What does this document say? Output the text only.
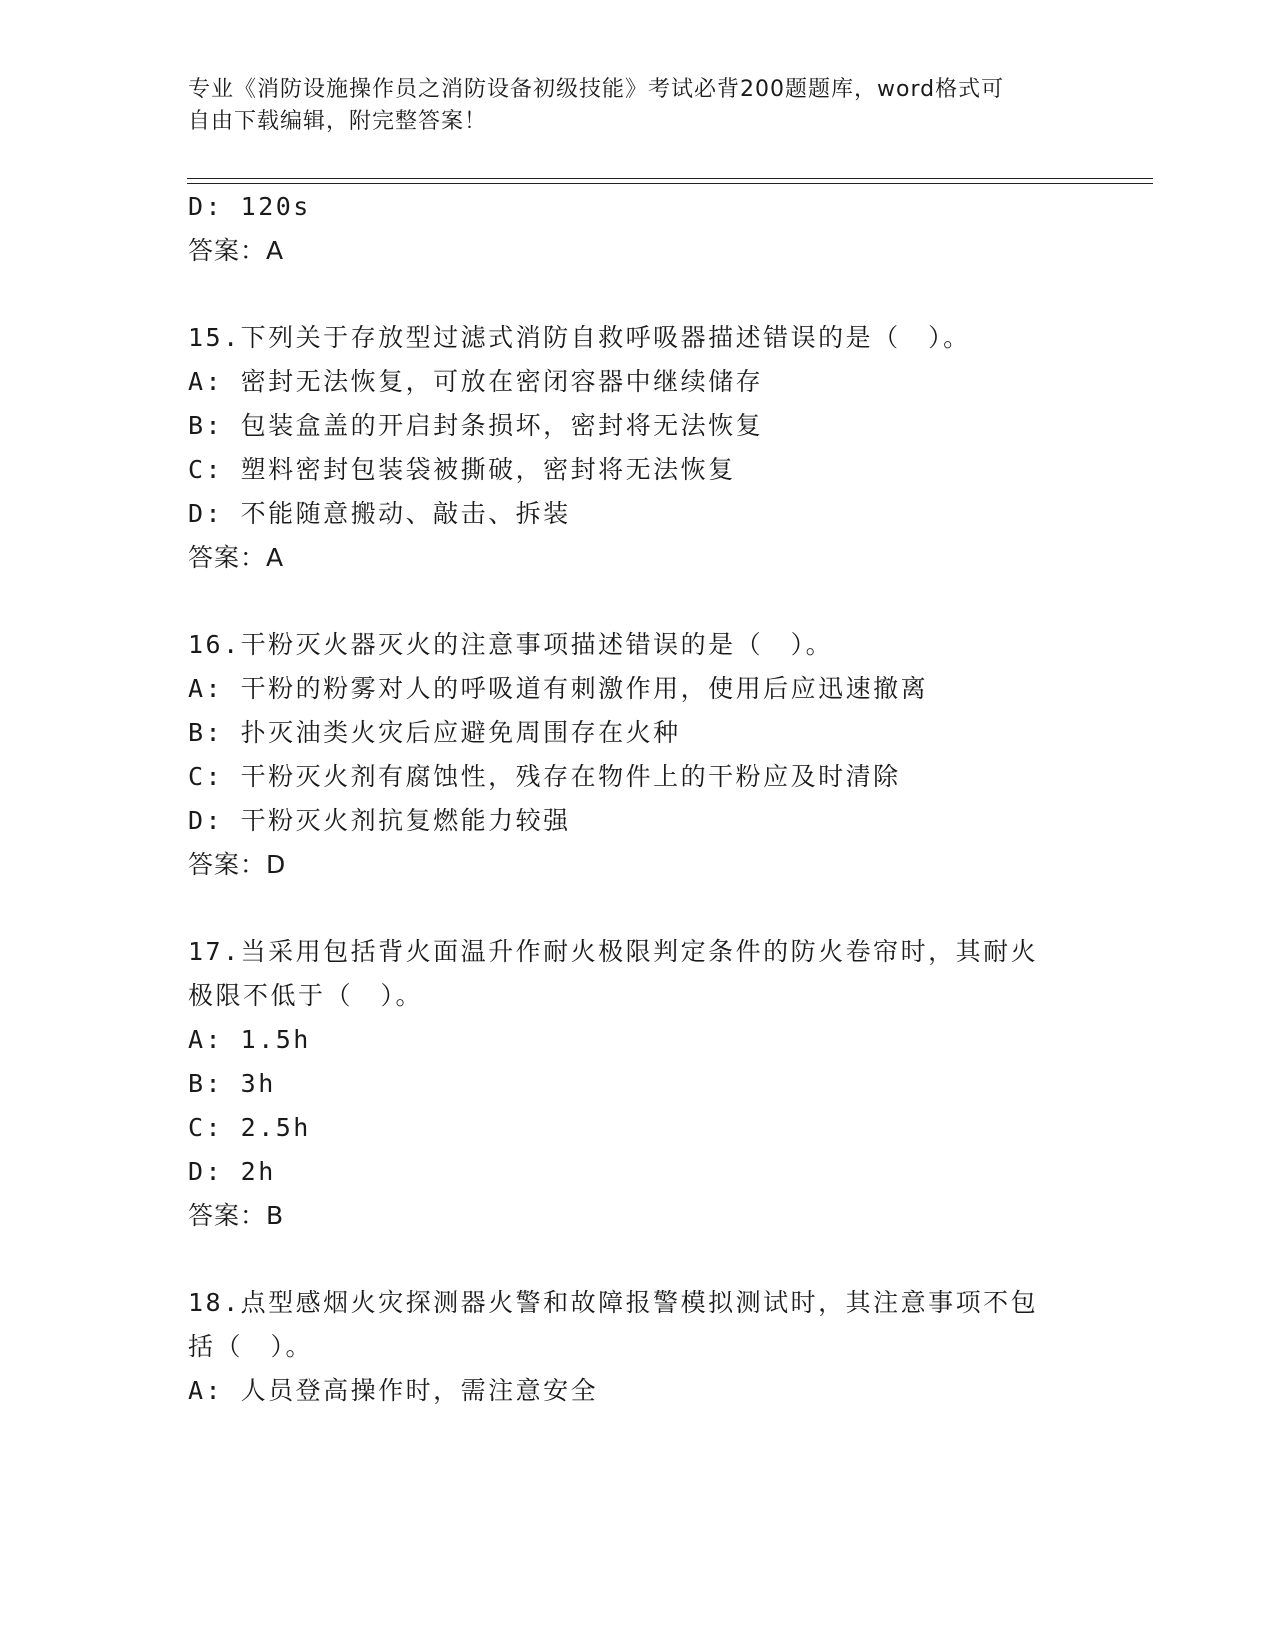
专业《消防设施操作员之消防设备初级技能》考试必背200题题库，word格式可
自由下载编辑，附完整答案！
D: 120s
答案：A
15.下列关于存放型过滤式消防自救呼吸器描述错误的是（　）。
A: 密封无法恢复，可放在密闭容器中继续储存
B: 包装盒盖的开启封条损坏，密封将无法恢复
C: 塑料密封包装袋被撕破，密封将无法恢复
D: 不能随意搬动、敲击、拆装
答案：A
16.干粉灭火器灭火的注意事项描述错误的是（　）。
A: 干粉的粉雾对人的呼吸道有刺激作用，使用后应迅速撤离
B: 扑灭油类火灾后应避免周围存在火种
C: 干粉灭火剂有腐蚀性，残存在物件上的干粉应及时清除
D: 干粉灭火剂抗复燃能力较强
答案：D
17.当采用包括背火面温升作耐火极限判定条件的防火卷帘时，其耐火
极限不低于（　）。
A: 1.5h
B: 3h
C: 2.5h
D: 2h
答案：B
18.点型感烟火灾探测器火警和故障报警模拟测试时，其注意事项不包
括（　）。
A: 人员登高操作时，需注意安全
